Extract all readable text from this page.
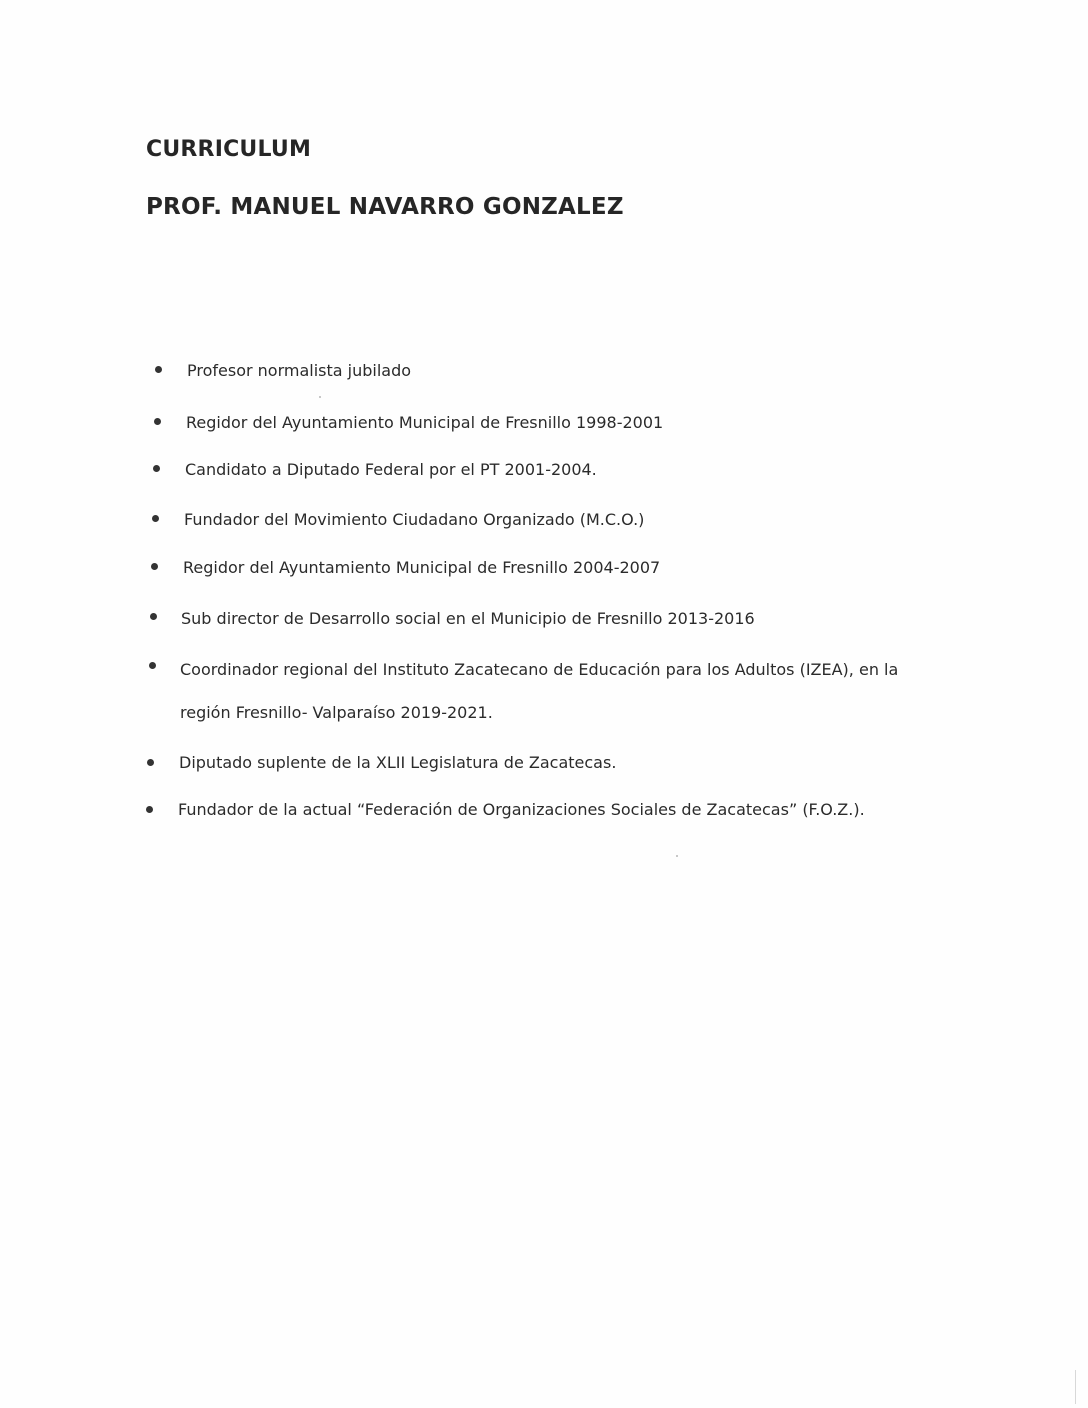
CURRICULUM
PROF. MANUEL NAVARRO GONZALEZ
Profesor normalista jubilado
Regidor del Ayuntamiento Municipal de Fresnillo 1998-2001
Candidato a Diputado Federal por el PT 2001-2004.
Fundador del Movimiento Ciudadano Organizado (M.C.O.)
Regidor del Ayuntamiento Municipal de Fresnillo 2004-2007
Sub director de Desarrollo social en el Municipio de Fresnillo 2013-2016
Coordinador regional del Instituto Zacatecano de Educación para los Adultos (IZEA), en la
región Fresnillo- Valparaíso 2019-2021.
Diputado suplente de la XLII Legislatura de Zacatecas.
Fundador de la actual “Federación de Organizaciones Sociales de Zacatecas” (F.O.Z.).
